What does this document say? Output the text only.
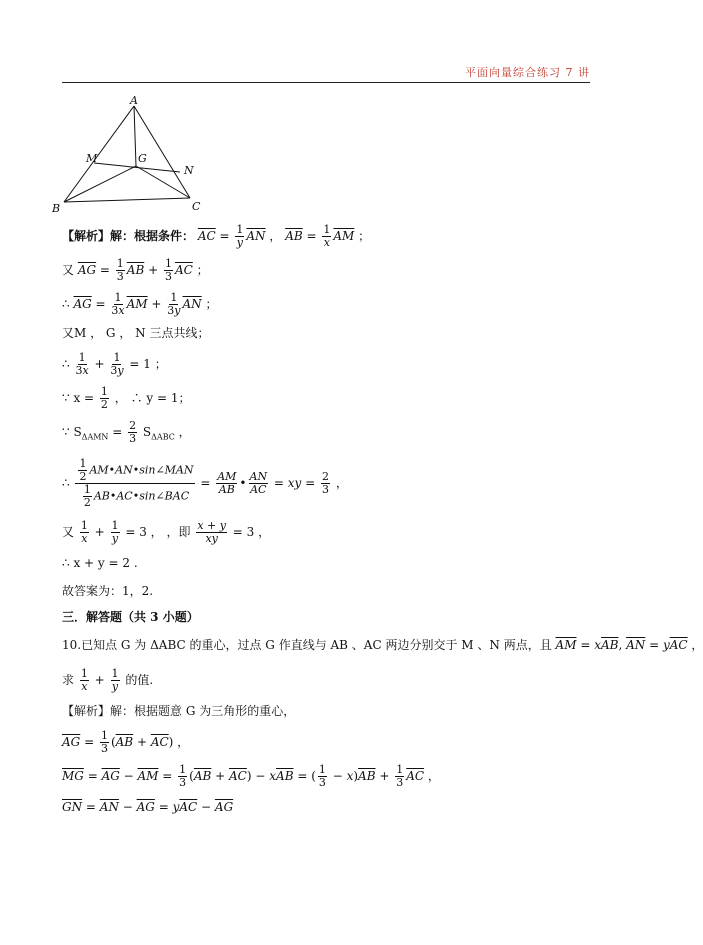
平面向量综合练习 7 讲
A
B	C
M
N
G
【解析】解：根据条件： $\overline{AC} = \frac{1}{y} \overline{AN}$ ， $\overline{AB} = \frac{1}{x} \overline{AM}$ ；
又 $\overline{AG} = \frac{1}{3} \overline{AB} + \frac{1}{3} \overline{AC}$ ；
∴ $\overline{AG} = \frac{1}{3x} \overline{AM} + \frac{1}{3y} \overline{AN}$ ；
又M ， G ， N 三点共线；
∴ $\frac{1}{3x} + \frac{1}{3y} = 1$ ；
∵ $x = \frac{1}{2}$ ， ∴ y = 1；
∵ $S_{\Delta AMN} = \frac{2}{3} S_{\Delta ABC}$ ，
∴ $\frac{\frac{1}{2} AM•AN•\sin\angle MAN}{\frac{1}{2} AB•AC•\sin\angle BAC} = \frac{AM}{AB}$ • $\frac{AN}{AC}$ = xy = $\frac{2}{3}$ ，
又 $\frac{1}{x} + \frac{1}{y} = 3$ ， ，即 $\frac{x + y}{xy} = 3$ ，
∴ x + y = 2 .
故答案为：1，2.
三．解答题（共 3 小题）
10.已知点 G 为 ΔABC 的重心，过点 G 作直线与 AB 、AC 两边分别交于 M 、N 两点，且 $\overline{AM} = x\overline{AB}$, $\overline{AN} = y\overline{AC}$ ，
求 $\frac{1}{x} + \frac{1}{y}$ 的值.
【解析】解：根据题意 G 为三角形的重心，
$\overline{AG} = \frac{1}{3} (\overline{AB} + \overline{AC})$ ，
$\overline{MG} = \overline{AG} - \overline{AM} = \frac{1}{3} (\overline{AB} + \overline{AC}) - x\overline{AB}$ = ( $\frac{1}{3} - x)\overline{AB} + \frac{1}{3} \overline{AC}$ ，
$\overline{GN} = \overline{AN} - \overline{AG} = y\overline{AC} - \overline{AG}$
